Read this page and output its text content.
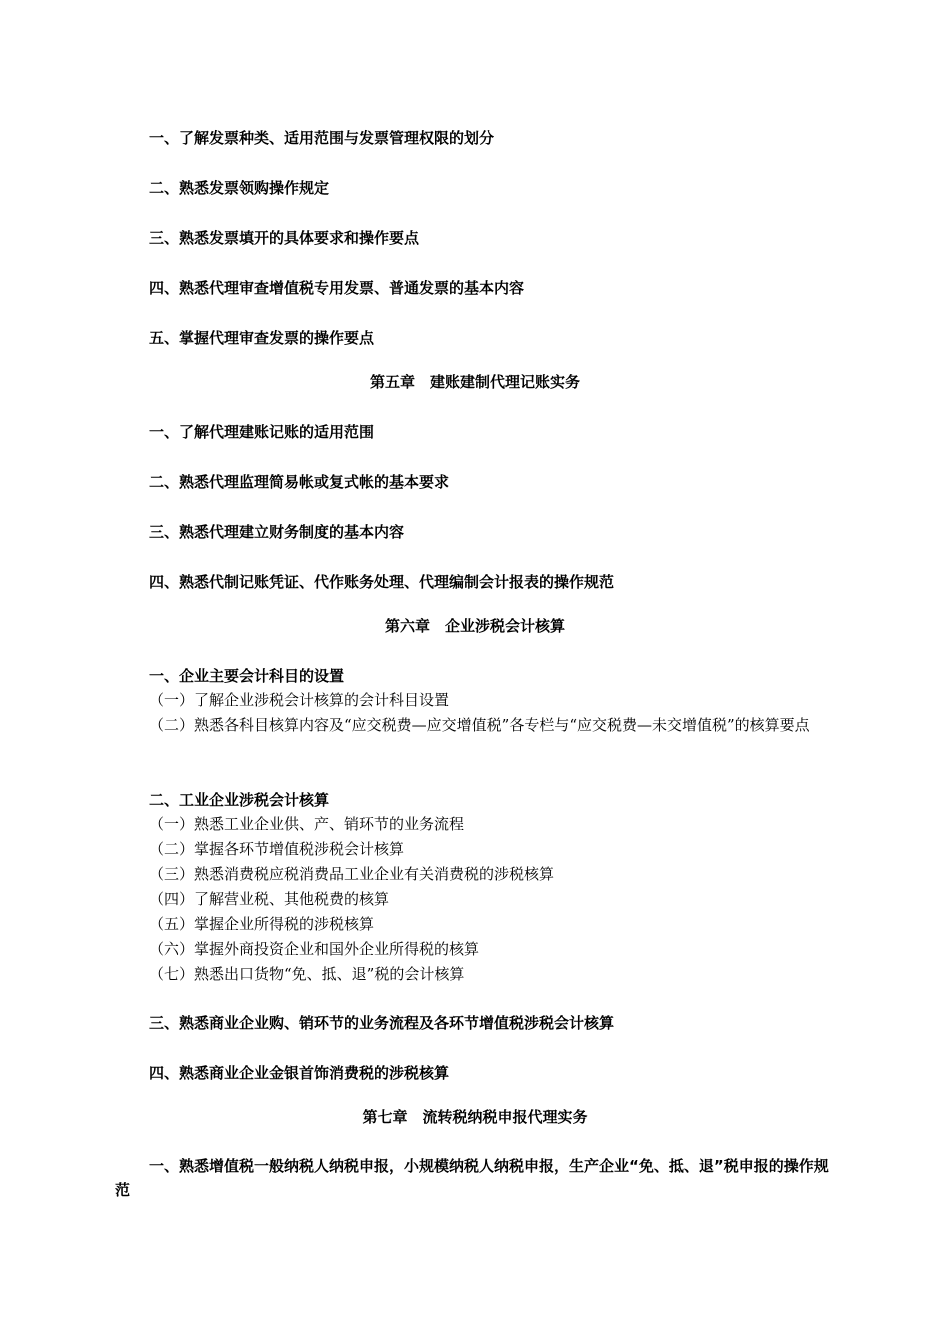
一、了解发票种类、适用范围与发票管理权限的划分
二、熟悉发票领购操作规定
三、熟悉发票填开的具体要求和操作要点
四、熟悉代理审查增值税专用发票、普通发票的基本内容
五、掌握代理审查发票的操作要点
第五章　建账建制代理记账实务
一、了解代理建账记账的适用范围
二、熟悉代理监理简易帐或复式帐的基本要求
三、熟悉代理建立财务制度的基本内容
四、熟悉代制记账凭证、代作账务处理、代理编制会计报表的操作规范
第六章　企业涉税会计核算
一、企业主要会计科目的设置
（一）了解企业涉税会计核算的会计科目设置
（二）熟悉各科目核算内容及“应交税费—应交增值税”各专栏与“应交税费—未交增值税”的核算要点
二、工业企业涉税会计核算
（一）熟悉工业企业供、产、销环节的业务流程
（二）掌握各环节增值税涉税会计核算
（三）熟悉消费税应税消费品工业企业有关消费税的涉税核算
（四）了解营业税、其他税费的核算
（五）掌握企业所得税的涉税核算
（六）掌握外商投资企业和国外企业所得税的核算
（七）熟悉出口货物“免、抵、退”税的会计核算
三、熟悉商业企业购、销环节的业务流程及各环节增值税涉税会计核算
四、熟悉商业企业金银首饰消费税的涉税核算
第七章　流转税纳税申报代理实务
一、熟悉增值税一般纳税人纳税申报，小规模纳税人纳税申报，生产企业“免、抵、退”税申报的操作规范
